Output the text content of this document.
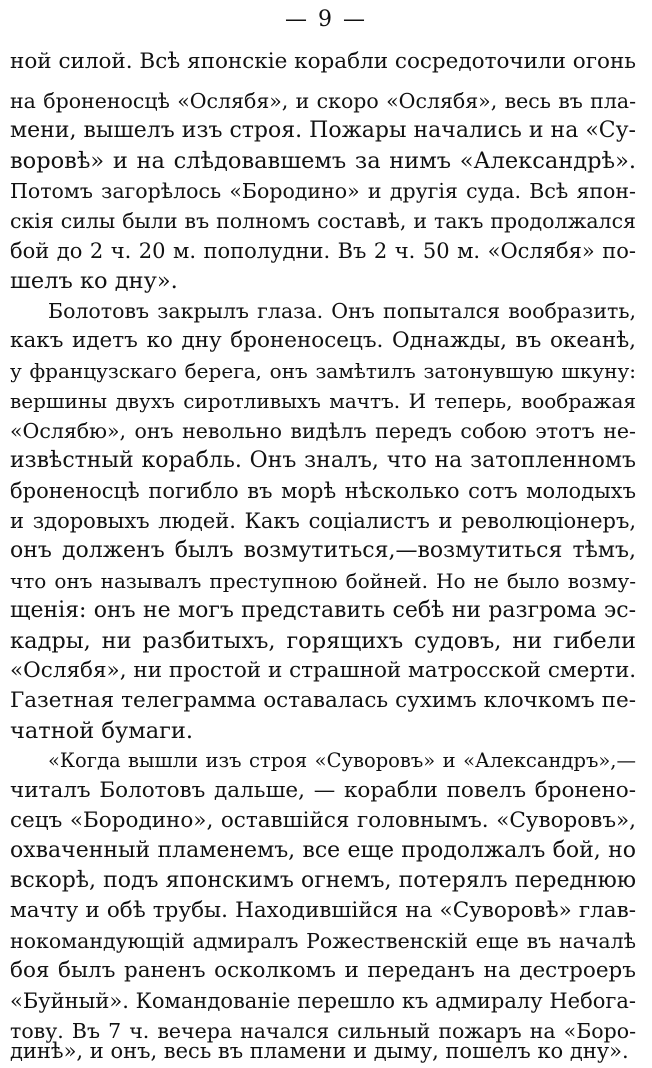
— 9 —
ной силой. Всѣ японскіе корабли сосредоточили огонь
на броненосцѣ «Ослябя», и скоро «Ослябя», весь въ пла-
мени, вышелъ изъ строя. Пожары начались и на «Су-
воровѣ» и на слѣдовавшемъ за нимъ «Александрѣ».
Потомъ загорѣлось «Бородино» и другія суда. Всѣ япон-
скія силы были въ полномъ составѣ, и такъ продолжался
бой до 2 ч. 20 м. пополудни. Въ 2 ч. 50 м. «Ослябя» по-
шелъ ко дну».
Болотовъ закрылъ глаза. Онъ попытался вообразить,
какъ идетъ ко дну броненосецъ. Однажды, въ океанѣ,
у французскаго берега, онъ замѣтилъ затонувшую шкуну:
вершины двухъ сиротливыхъ мачтъ. И теперь, воображая
«Ослябю», онъ невольно видѣлъ передъ собою этотъ не-
извѣстный корабль. Онъ зналъ, что на затопленномъ
броненосцѣ погибло въ морѣ нѣсколько сотъ молодыхъ
и здоровыхъ людей. Какъ соціалистъ и революціонеръ,
онъ долженъ былъ возмутиться,—возмутиться тѣмъ,
что онъ называлъ преступною бойней. Но не было возму-
щенія: онъ не могъ представить себѣ ни разгрома эс-
кадры, ни разбитыхъ, горящихъ судовъ, ни гибели
«Ослябя», ни простой и страшной матросской смерти.
Газетная телеграмма оставалась сухимъ клочкомъ пе-
чатной бумаги.
«Когда вышли изъ строя «Суворовъ» и «Александръ»,—
читалъ Болотовъ дальше, — корабли повелъ броненo-
сецъ «Бородино», оставшійся головнымъ. «Суворовъ»,
охваченный пламенемъ, все еще продолжалъ бой, но
вскорѣ, подъ японскимъ огнемъ, потерялъ переднюю
мачту и обѣ трубы. Находившійся на «Суворовѣ» глав-
нокомандующій адмиралъ Рожественскій еще въ началѣ
боя былъ раненъ осколкомъ и переданъ на дестроеръ
«Буйный». Командованіе перешло къ адмиралу Небога-
тову. Въ 7 ч. вечера начался сильный пожаръ на «Боро-
динѣ», и онъ, весь въ пламени и дыму, пошелъ ко дну».
